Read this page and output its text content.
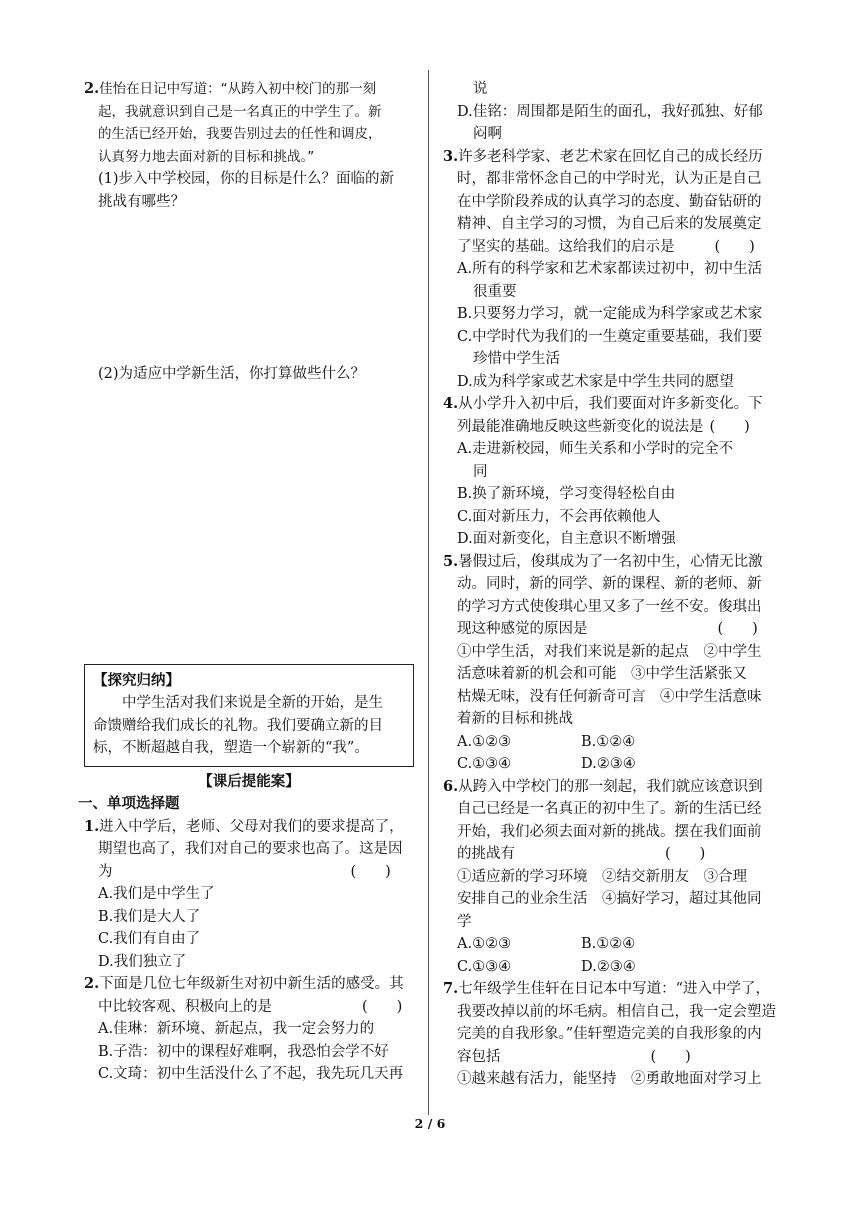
2.佳怡在日记中写道：“从跨入初中校门的那一刻
起，我就意识到自己是一名真正的中学生了。新
的生活已经开始，我要告别过去的任性和调皮，
认真努力地去面对新的目标和挑战。”
(1)步入中学校园，你的目标是什么？面临的新
挑战有哪些？
(2)为适应中学新生活，你打算做些什么？
【探究归纳】
中学生活对我们来说是全新的开始，是生
命馈赠给我们成长的礼物。我们要确立新的目
标，不断超越自我，塑造一个崭新的“我”。
【课后提能案】
一、单项选择题
1.进入中学后，老师、父母对我们的要求提高了，
期望也高了，我们对自己的要求也高了。这是因
为	(　　)
A.我们是中学生了
B.我们是大人了
C.我们有自由了
D.我们独立了
2.下面是几位七年级新生对初中新生活的感受。其
中比较客观、积极向上的是	(　　)
A.佳琳：新环境、新起点，我一定会努力的
B.子浩：初中的课程好难啊，我恐怕会学不好
C.文琦：初中生活没什么了不起，我先玩几天再
说
D.佳铭：周围都是陌生的面孔，我好孤独、好郁
闷啊
3.许多老科学家、老艺术家在回忆自己的成长经历
时，都非常怀念自己的中学时光，认为正是自己
在中学阶段养成的认真学习的态度、勤奋钻研的
精神、自主学习的习惯，为自己后来的发展奠定
了坚实的基础。这给我们的启示是	(　　)
A.所有的科学家和艺术家都读过初中，初中生活
很重要
B.只要努力学习，就一定能成为科学家或艺术家
C.中学时代为我们的一生奠定重要基础，我们要
珍惜中学生活
D.成为科学家或艺术家是中学生共同的愿望
4.从小学升入初中后，我们要面对许多新变化。下
列最能准确地反映这些新变化的说法是 (　　)
A.走进新校园，师生关系和小学时的完全不
同
B.换了新环境，学习变得轻松自由
C.面对新压力，不会再依赖他人
D.面对新变化，自主意识不断增强
5.暑假过后，俊琪成为了一名初中生，心情无比激
动。同时，新的同学、新的课程、新的老师、新
的学习方式使俊琪心里又多了一丝不安。俊琪出
现这种感觉的原因是	(　　)
①中学生活，对我们来说是新的起点　②中学生
活意味着新的机会和可能　③中学生活紧张又
枯燥无味，没有任何新奇可言　④中学生活意味
着新的目标和挑战
A.①②③	B.①②④
C.①③④	D.②③④
6.从跨入中学校门的那一刻起，我们就应该意识到
自己已经是一名真正的初中生了。新的生活已经
开始，我们必须去面对新的挑战。摆在我们面前
的挑战有	(　　)
①适应新的学习环境　②结交新朋友　③合理
安排自己的业余生活　④搞好学习，超过其他同
学
A.①②③	B.①②④
C.①③④	D.②③④
7.七年级学生佳轩在日记本中写道：“进入中学了，
我要改掉以前的坏毛病。相信自己，我一定会塑造
完美的自我形象。”佳轩塑造完美的自我形象的内
容包括	(　　)
①越来越有活力，能坚持　②勇敢地面对学习上
2 / 6
